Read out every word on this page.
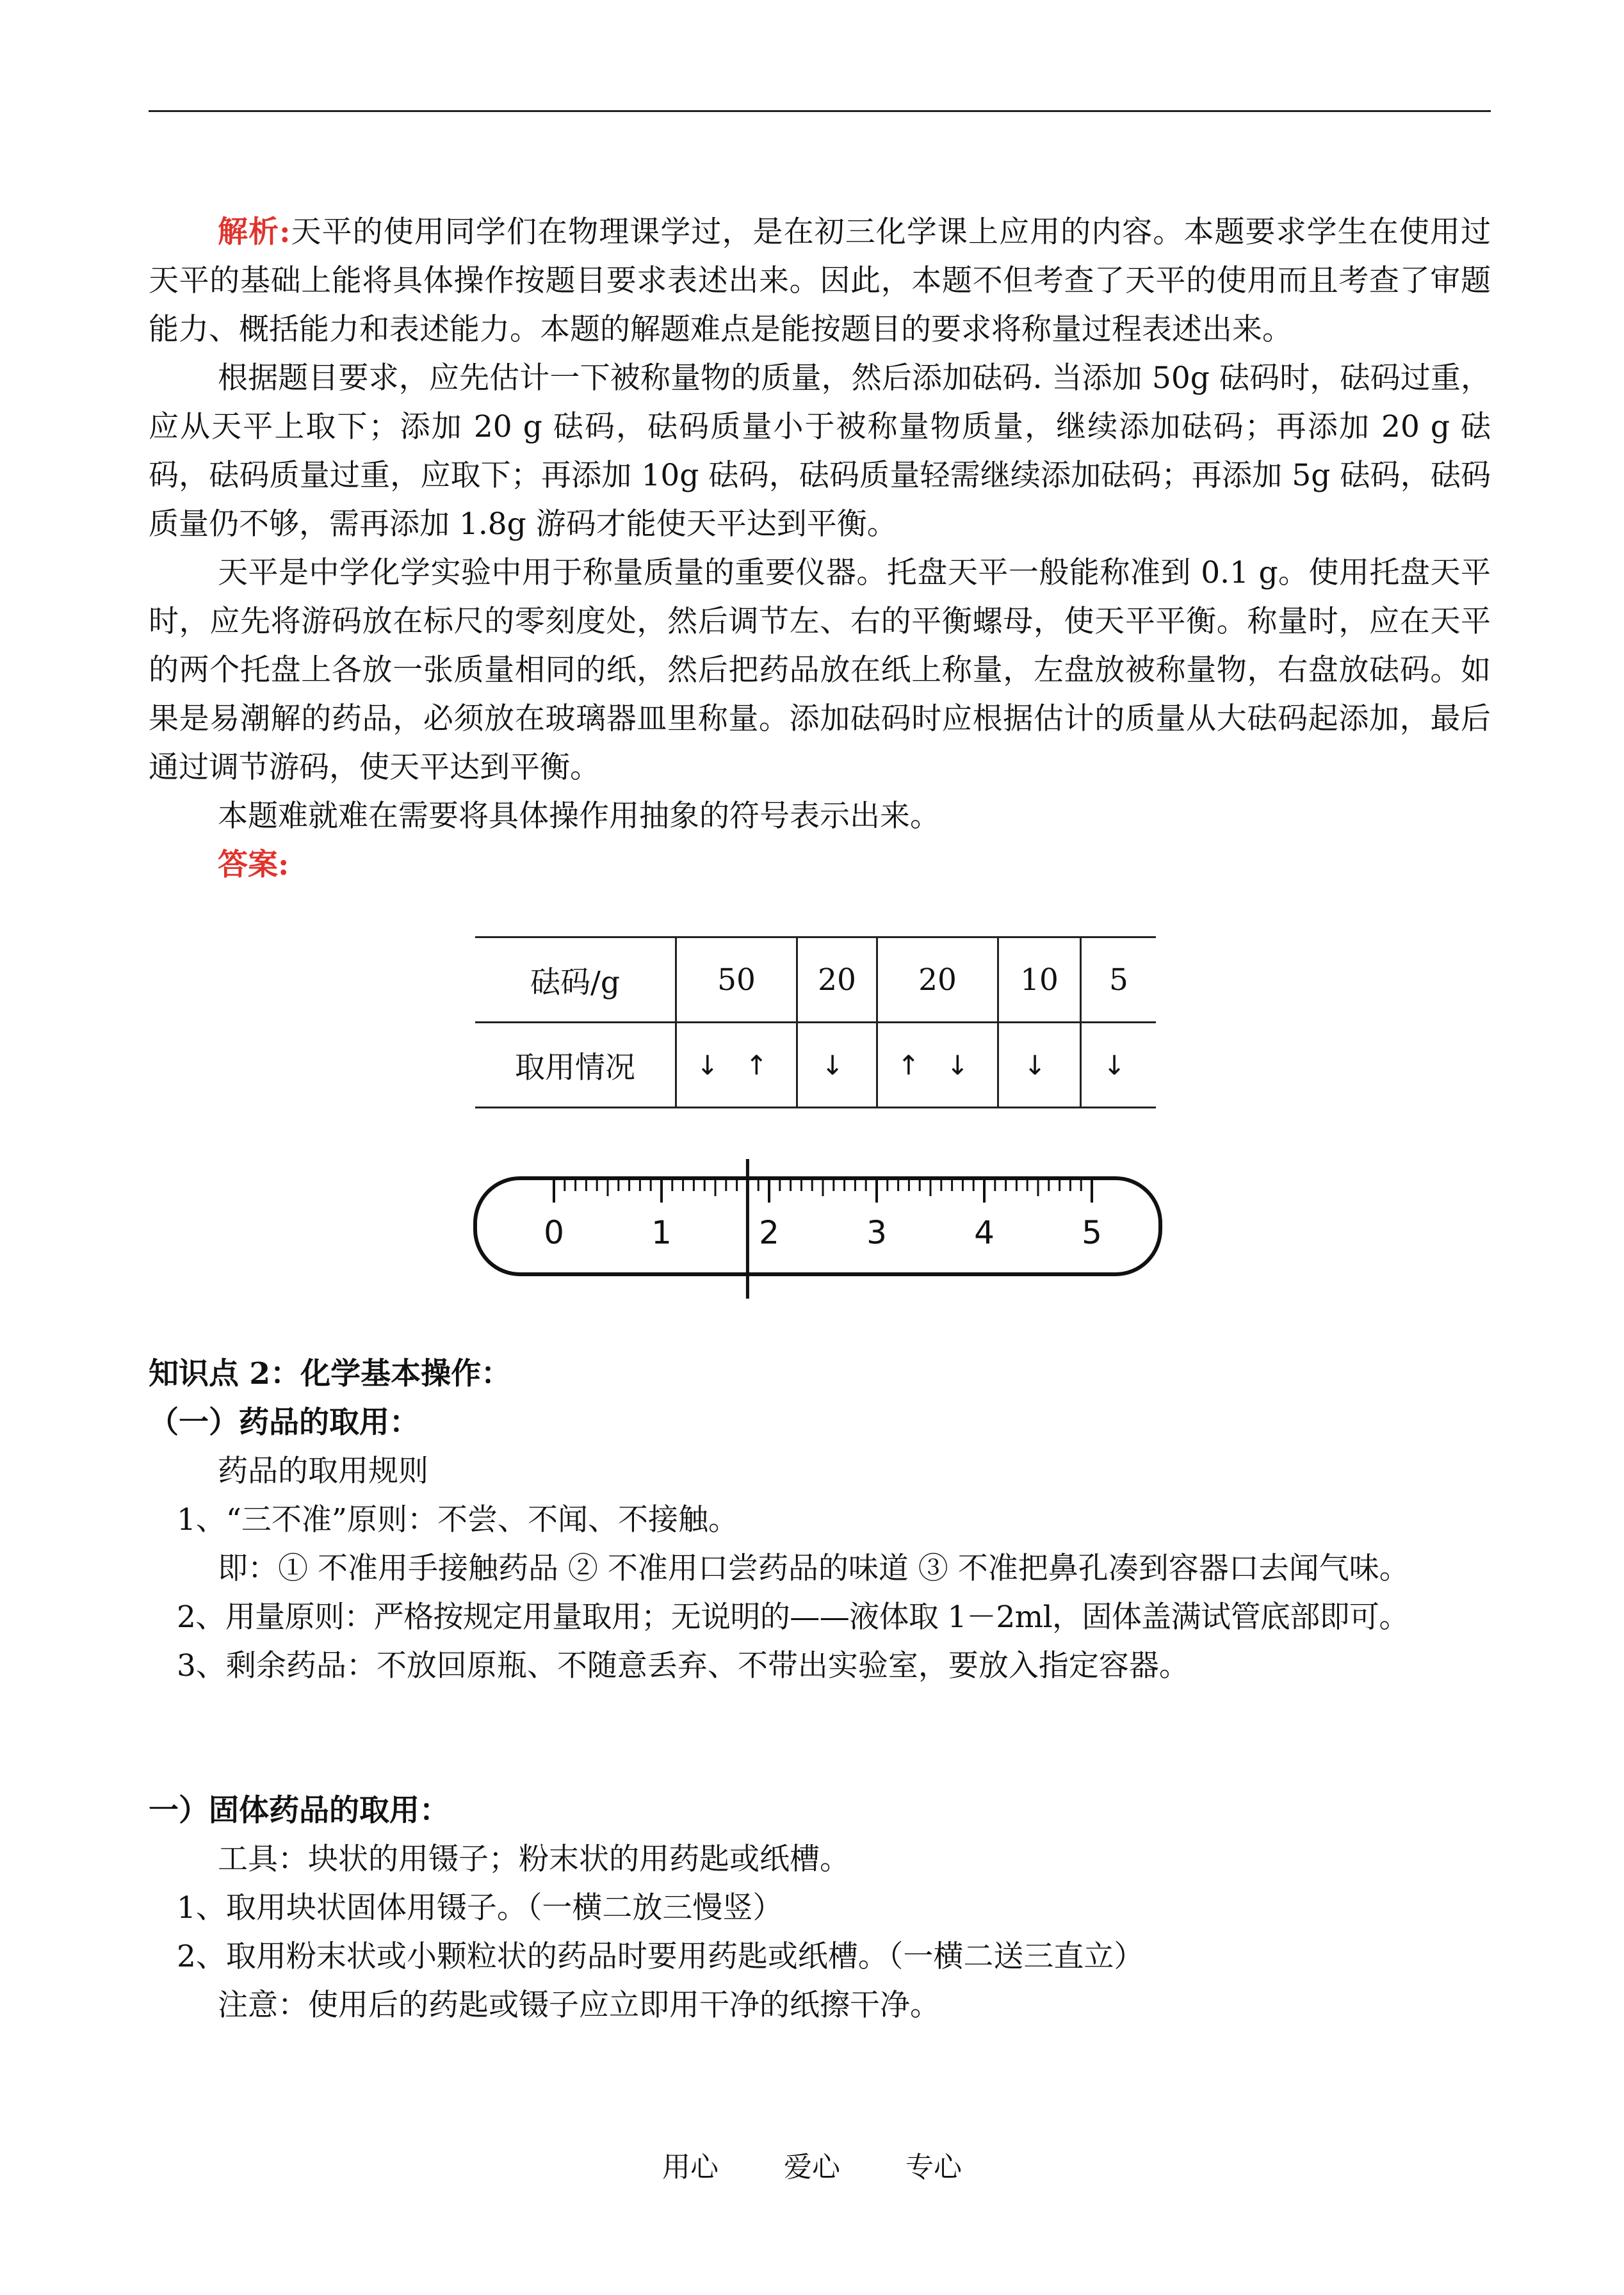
解析:天平的使用同学们在物理课学过，是在初三化学课上应用的内容。本题要求学生在使用过天平的基础上能将具体操作按题目要求表述出来。因此，本题不但考查了天平的使用而且考查了审题能力、概括能力和表述能力。本题的解题难点是能按题目的要求将称量过程表述出来。

根据题目要求，应先估计一下被称量物的质量，然后添加砝码. 当添加 50g 砝码时，砝码过重，应从天平上取下；添加 20 g 砝码，砝码质量小于被称量物质量，继续添加砝码；再添加 20 g 砝码，砝码质量过重，应取下；再添加 10g 砝码，砝码质量轻需继续添加砝码；再添加 5g 砝码，砝码质量仍不够，需再添加 1.8g 游码才能使天平达到平衡。

天平是中学化学实验中用于称量质量的重要仪器。托盘天平一般能称准到 0.1 g。使用托盘天平时，应先将游码放在标尺的零刻度处，然后调节左、右的平衡螺母，使天平平衡。称量时，应在天平的两个托盘上各放一张质量相同的纸，然后把药品放在纸上称量，左盘放被称量物，右盘放砝码。如果是易潮解的药品，必须放在玻璃器皿里称量。添加砝码时应根据估计的质量从大砝码起添加，最后通过调节游码，使天平达到平衡。

本题难就难在需要将具体操作用抽象的符号表示出来。

答案:

砝码/g	50	20	20	10	5
取用情况	↓ ↑	↓	↑ ↓	↓	↓
0	1	2	3	4	5

知识点 2：化学基本操作：

（一）药品的取用：

药品的取用规则

1、“三不准”原则：不尝、不闻、不接触。

即：① 不准用手接触药品 ② 不准用口尝药品的味道 ③ 不准把鼻孔凑到容器口去闻气味。

2、用量原则：严格按规定用量取用；无说明的——液体取 1－2ml，固体盖满试管底部即可。

3、剩余药品：不放回原瓶、不随意丢弃、不带出实验室，要放入指定容器。

一）固体药品的取用：

工具：块状的用镊子；粉末状的用药匙或纸槽。

1、取用块状固体用镊子。（一横二放三慢竖）

2、取用粉末状或小颗粒状的药品时要用药匙或纸槽。（一横二送三直立）

注意：使用后的药匙或镊子应立即用干净的纸擦干净。

用心 爱心 专心
